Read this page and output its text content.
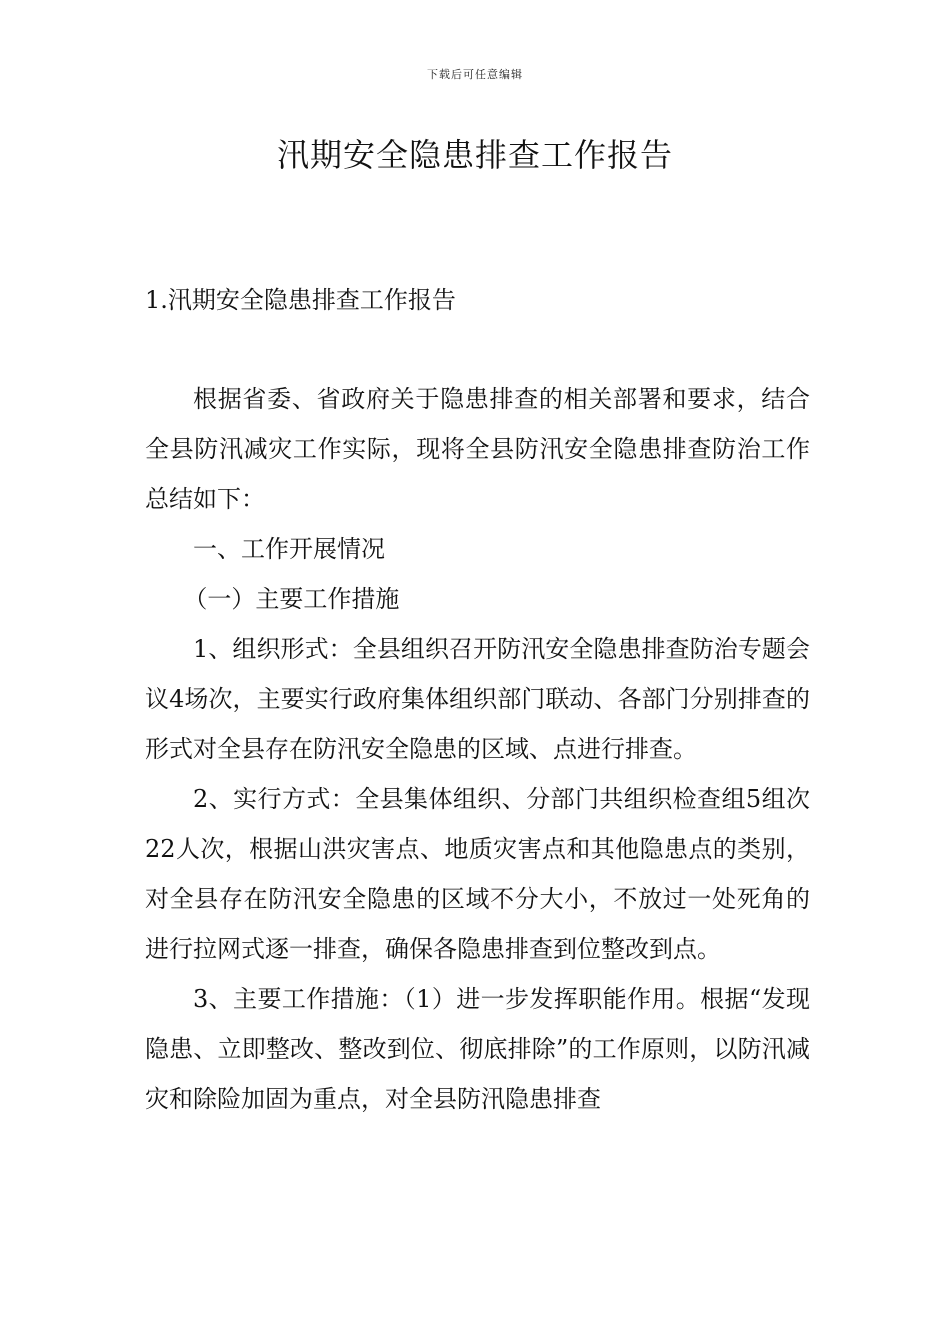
下载后可任意编辑
汛期安全隐患排查工作报告
1.汛期安全隐患排查工作报告

根据省委、省政府关于隐患排查的相关部署和要求，结合全县防汛减灾工作实际，现将全县防汛安全隐患排查防治工作总结如下：

一、工作开展情况

（一）主要工作措施

1、组织形式：全县组织召开防汛安全隐患排查防治专题会议4场次，主要实行政府集体组织部门联动、各部门分别排查的形式对全县存在防汛安全隐患的区域、点进行排查。

2、实行方式：全县集体组织、分部门共组织检查组5组次22人次，根据山洪灾害点、地质灾害点和其他隐患点的类别，对全县存在防汛安全隐患的区域不分大小，不放过一处死角的进行拉网式逐一排查，确保各隐患排查到位整改到点。

3、主要工作措施：（1）进一步发挥职能作用。根据“发现隐患、立即整改、整改到位、彻底排除”的工作原则，以防汛减灾和除险加固为重点，对全县防汛隐患排查
